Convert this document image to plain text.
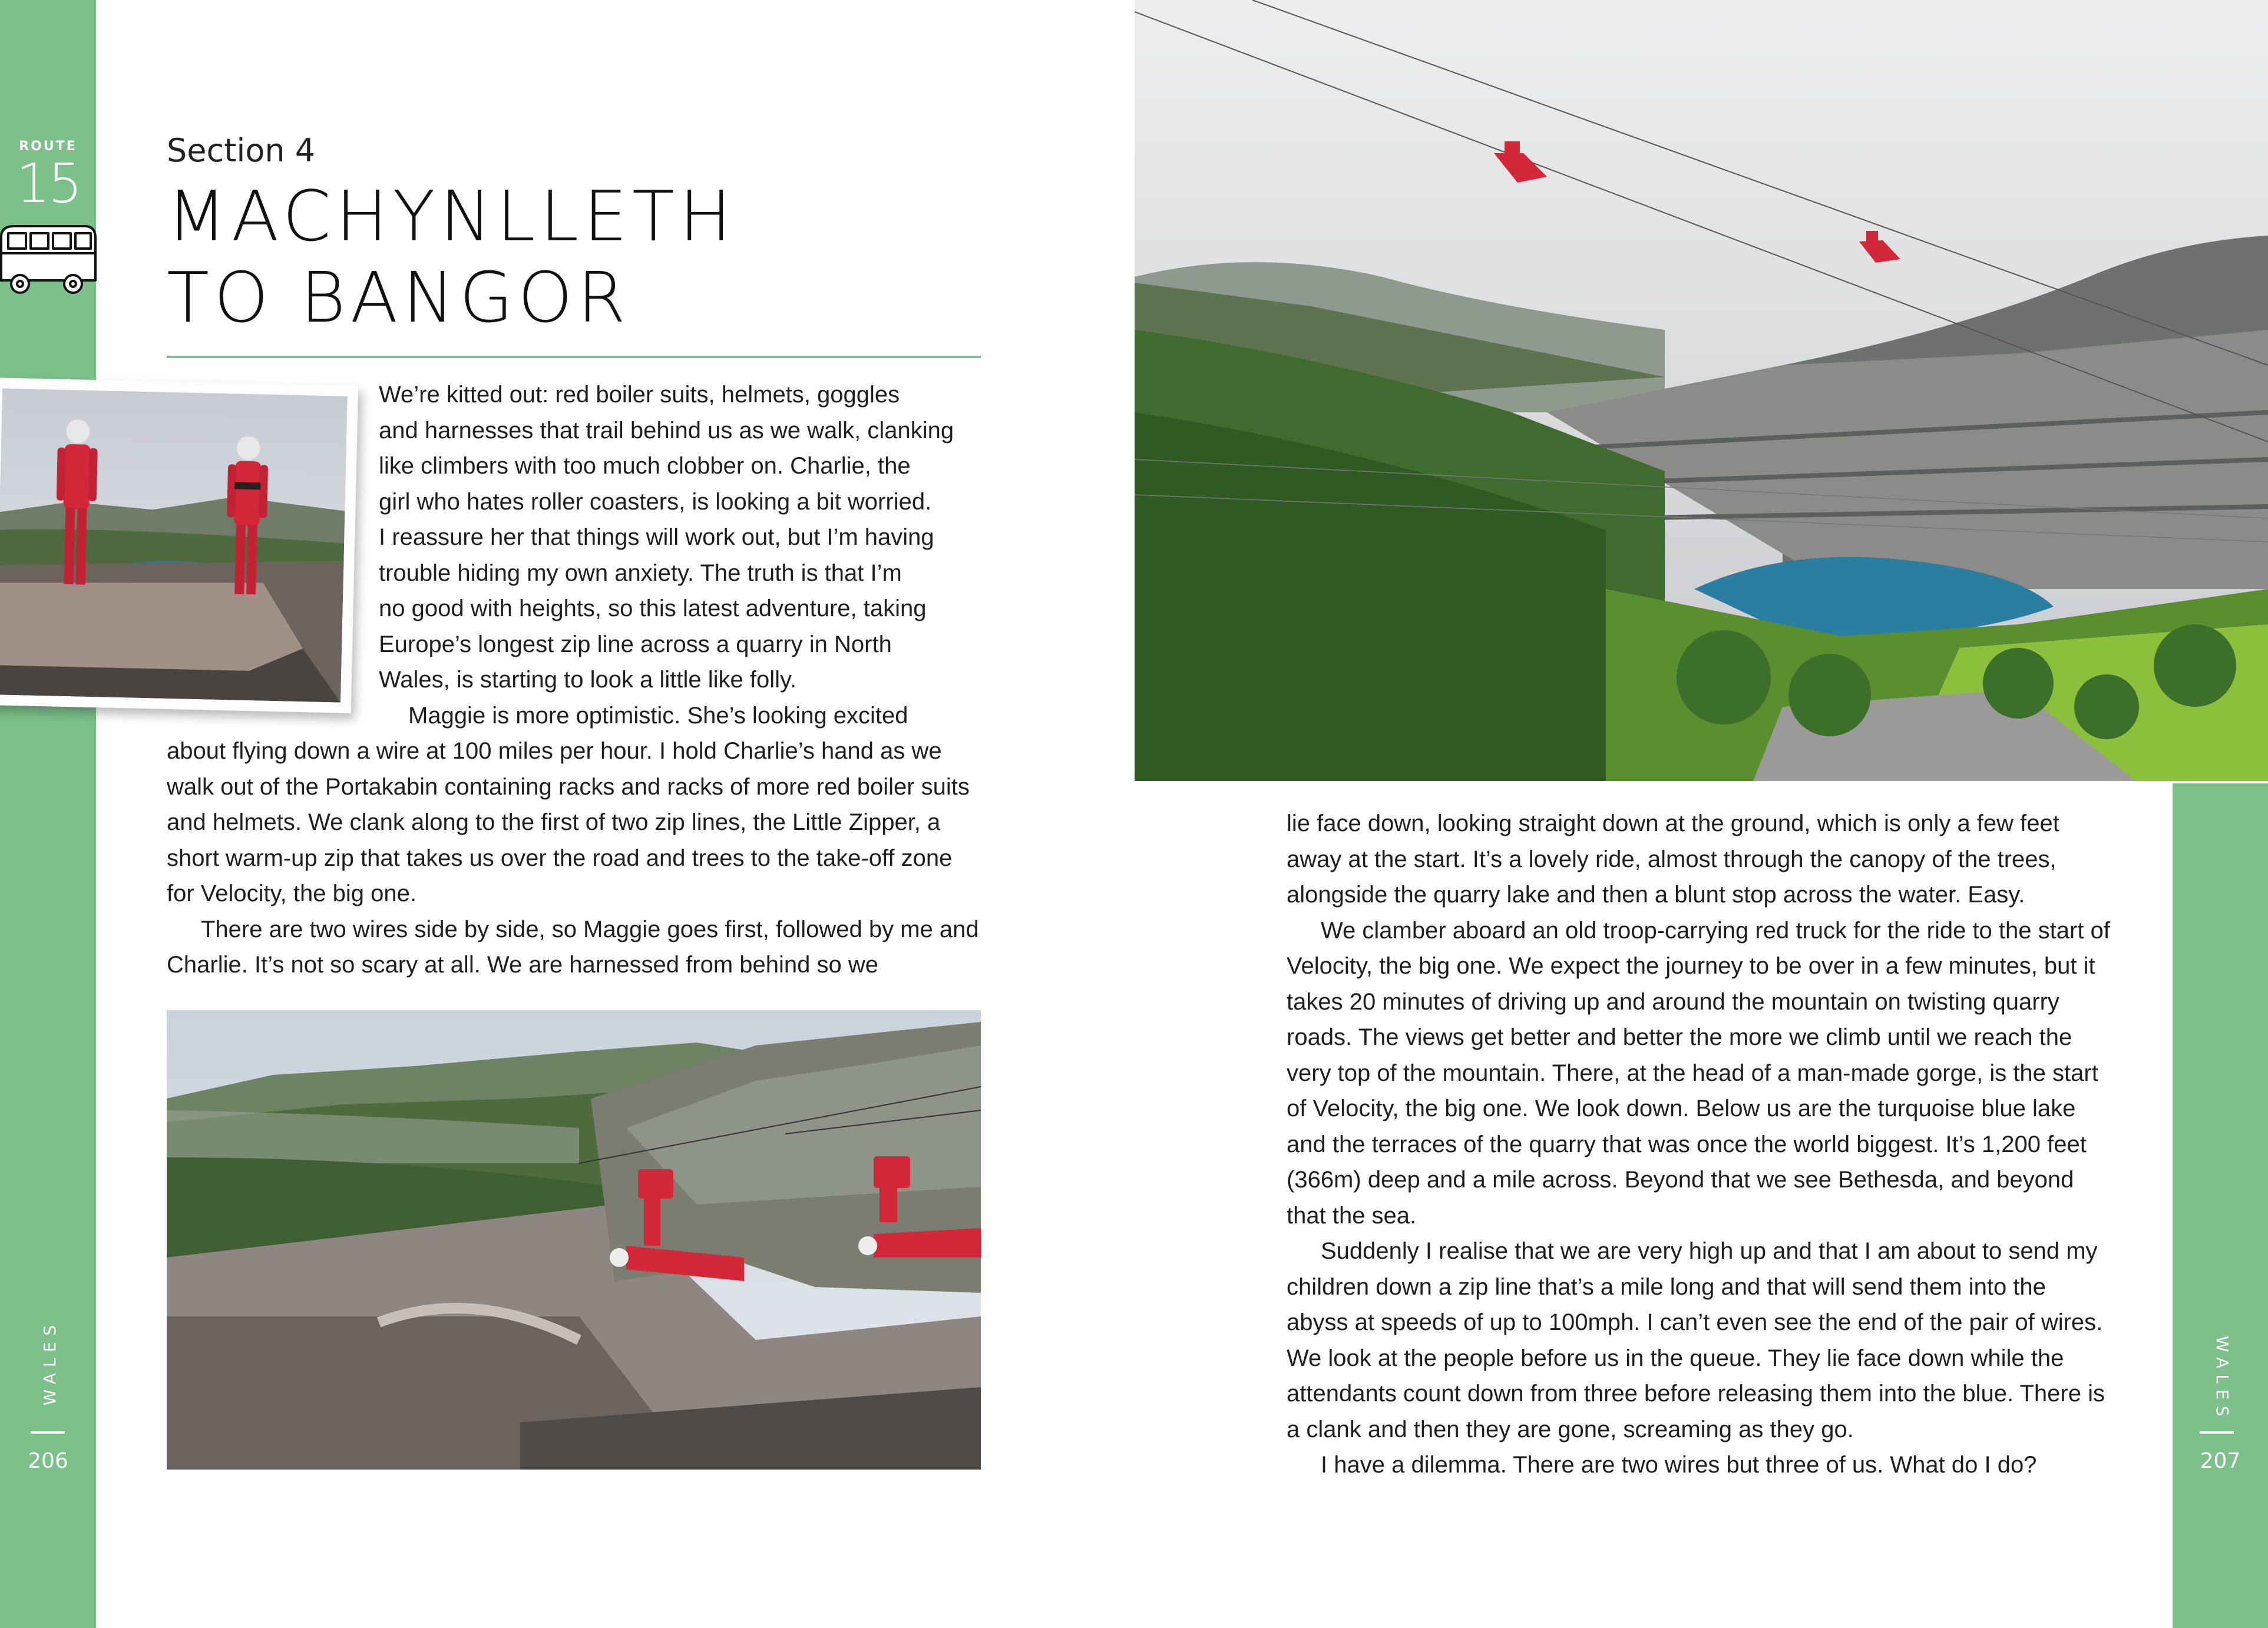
ROUTE
15
WALES
206
WALES
207
Section 4
MACHYNLLETH
TO BANGOR

We’re kitted out: red boiler suits, helmets, goggles

and harnesses that trail behind us as we walk, clanking

like climbers with too much clobber on. Charlie, the

girl who hates roller coasters, is looking a bit worried.

I reassure her that things will work out, but I’m having

trouble hiding my own anxiety. The truth is that I’m

no good with heights, so this latest adventure, taking

Europe’s longest zip line across a quarry in North

Wales, is starting to look a little like folly.

Maggie is more optimistic. She’s looking excited

about flying down a wire at 100 miles per hour. I hold Charlie’s hand as we walk out of the Portakabin containing racks and racks of more red boiler suits and helmets. We clank along to the first of two zip lines, the Little Zipper, a short warm-up zip that takes us over the road and trees to the take-off zone for Velocity, the big one.

There are two wires side by side, so Maggie goes first, followed by me and Charlie. It’s not so scary at all. We are harnessed from behind so we

lie face down, looking straight down at the ground, which is only a few feet away at the start. It’s a lovely ride, almost through the canopy of the trees, alongside the quarry lake and then a blunt stop across the water. Easy.

We clamber aboard an old troop-carrying red truck for the ride to the start of Velocity, the big one. We expect the journey to be over in a few minutes, but it takes 20 minutes of driving up and around the mountain on twisting quarry roads. The views get better and better the more we climb until we reach the very top of the mountain. There, at the head of a man-made gorge, is the start of Velocity, the big one. We look down. Below us are the turquoise blue lake and the terraces of the quarry that was once the world biggest. It’s 1,200 feet (366m) deep and a mile across. Beyond that we see Bethesda, and beyond that the sea.

Suddenly I realise that we are very high up and that I am about to send my children down a zip line that’s a mile long and that will send them into the abyss at speeds of up to 100mph. I can’t even see the end of the pair of wires. We look at the people before us in the queue. They lie face down while the attendants count down from three before releasing them into the blue. There is a clank and then they are gone, screaming as they go.

I have a dilemma. There are two wires but three of us. What do I do?
